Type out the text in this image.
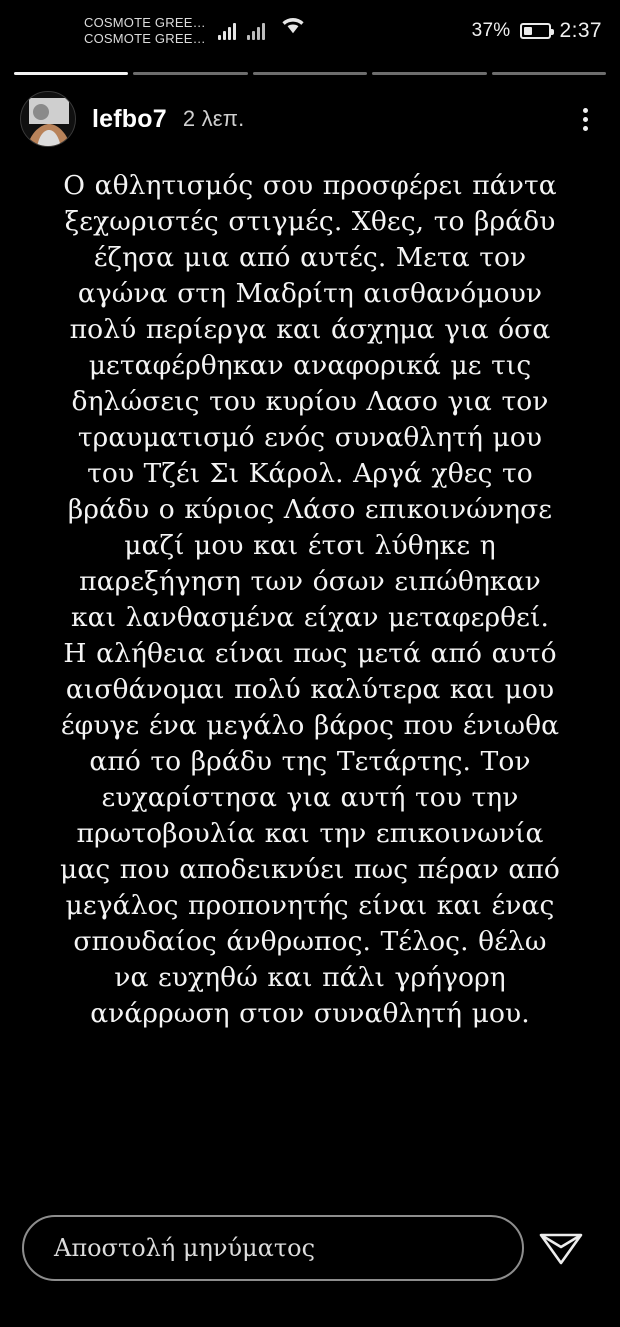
COSMOTE GREE…
COSMOTE GREE…	37% 2:37
lefbo7 2 λεπ.
Ο αθλητισμός σου προσφέρει πάντα ξεχωριστές στιγμές. Χθες, το βράδυ έζησα μια από αυτές. Μετα τον αγώνα στη Μαδρίτη αισθανόμουν πολύ περίεργα και άσχημα για όσα μεταφέρθηκαν αναφορικά με τις δηλώσεις του κυρίου Λασο για τον τραυματισμό ενός συναθλητή μου του Τζέι Σι Κάρολ. Αργά χθες το βράδυ ο κύριος Λάσο επικοινώνησε μαζί μου και έτσι λύθηκε η παρεξήγηση των όσων ειπώθηκαν και λανθασμένα είχαν μεταφερθεί. Η αλήθεια είναι πως μετά από αυτό αισθάνομαι πολύ καλύτερα και μου έφυγε ένα μεγάλο βάρος που ένιωθα από το βράδυ της Τετάρτης. Τον ευχαρίστησα για αυτή του την πρωτοβουλία και την επικοινωνία μας που αποδεικνύει πως πέραν από μεγάλος προπονητής είναι και ένας σπουδαίος άνθρωπος. Τέλος. θέλω να ευχηθώ και πάλι γρήγορη ανάρρωση στον συναθλητή μου.
Αποστολή μηνύματος
